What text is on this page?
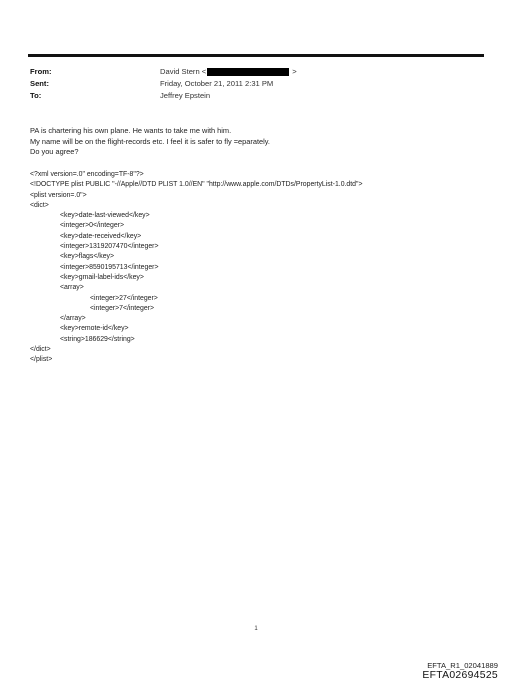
From:	David Stern <	>
Sent:	Friday, October 21, 2011 2:31 PM
To:	Jeffrey Epstein
PA is chartering his own plane. He wants to take me with him.
My name will be on the flight-records etc. I feel it is safer to fly =eparately.
Do you agree?
<?xml version=.0" encoding=TF-8"?>
<!DOCTYPE plist PUBLIC "-//Apple//DTD PLIST 1.0//EN" "http://www.apple.com/DTDs/PropertyList-1.0.dtd">
<plist version=.0">
<dict>
<key>date-last-viewed</key>
<integer>0</integer>
<key>date-received</key>
<integer>1319207470</integer>
<key>flags</key>
<integer>8590195713</integer>
<key>gmail-label-ids</key>
<array>
<integer>27</integer>
<integer>7</integer>
</array>
<key>remote-id</key>
<string>186629</string>
</dict>
</plist>
1
EFTA_R1_02041889
EFTA02694525
